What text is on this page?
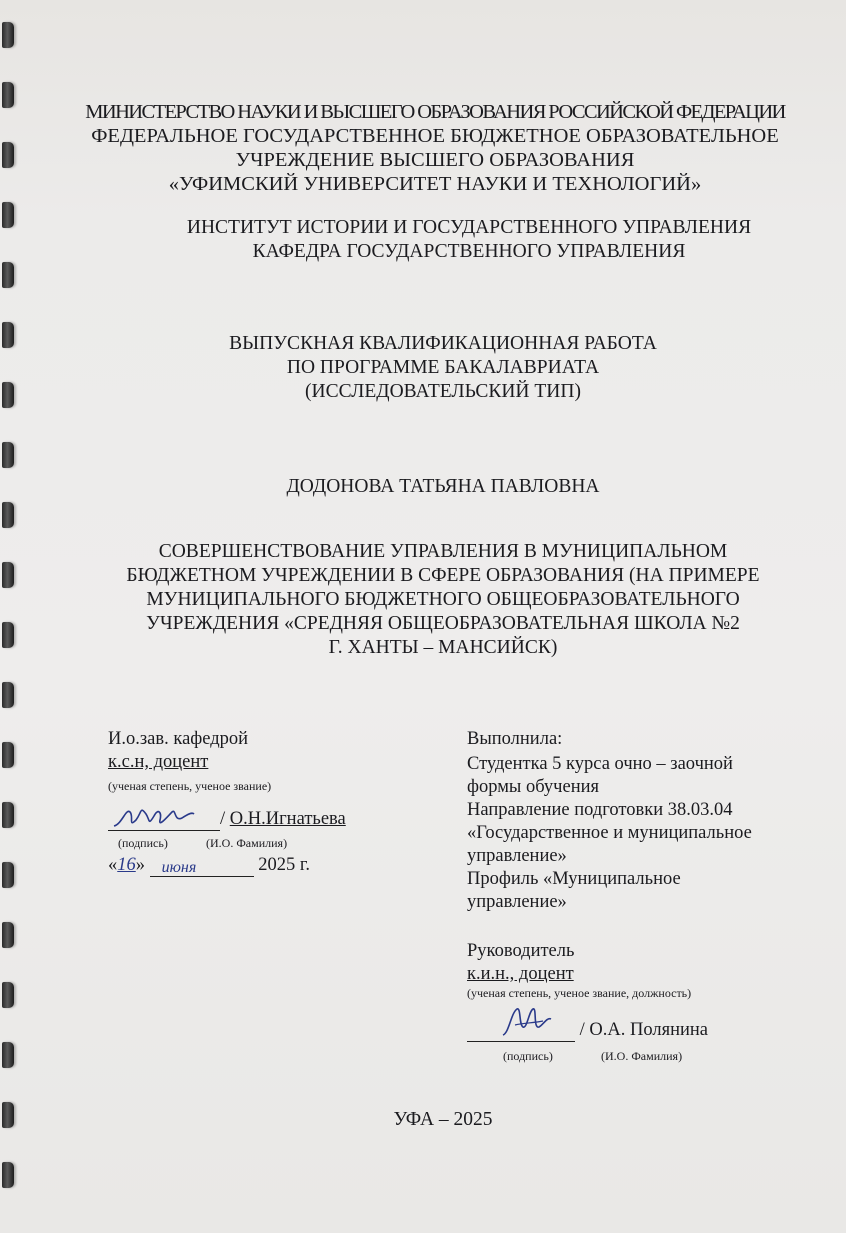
МИНИСТЕРСТВО НАУКИ И ВЫСШЕГО ОБРАЗОВАНИЯ РОССИЙСКОЙ ФЕДЕРАЦИИ
ФЕДЕРАЛЬНОЕ ГОСУДАРСТВЕННОЕ БЮДЖЕТНОЕ ОБРАЗОВАТЕЛЬНОЕ
УЧРЕЖДЕНИЕ ВЫСШЕГО ОБРАЗОВАНИЯ
«УФИМСКИЙ УНИВЕРСИТЕТ НАУКИ И ТЕХНОЛОГИЙ»
ИНСТИТУТ ИСТОРИИ И ГОСУДАРСТВЕННОГО УПРАВЛЕНИЯ
КАФЕДРА ГОСУДАРСТВЕННОГО УПРАВЛЕНИЯ
ВЫПУСКНАЯ КВАЛИФИКАЦИОННАЯ РАБОТА
ПО ПРОГРАММЕ БАКАЛАВРИАТА
(ИССЛЕДОВАТЕЛЬСКИЙ ТИП)
ДОДОНОВА ТАТЬЯНА ПАВЛОВНА
СОВЕРШЕНСТВОВАНИЕ УПРАВЛЕНИЯ В МУНИЦИПАЛЬНОМ
БЮДЖЕТНОМ УЧРЕЖДЕНИИ В СФЕРЕ ОБРАЗОВАНИЯ (НА ПРИМЕРЕ
МУНИЦИПАЛЬНОГО БЮДЖЕТНОГО ОБЩЕОБРАЗОВАТЕЛЬНОГО
УЧРЕЖДЕНИЯ «СРЕДНЯЯ ОБЩЕОБРАЗОВАТЕЛЬНАЯ ШКОЛА №2
Г. ХАНТЫ – МАНСИЙСК)
И.о.зав. кафедрой
к.с.н, доцент
(ученая степень, ученое звание)
/ О.Н.Игнатьева
(подпись)	(И.О. Фамилия)
«16» июня	2025 г.
Выполнила:
Студентка 5 курса очно – заочной
формы обучения
Направление подготовки 38.03.04
«Государственное и муниципальное
управление»
Профиль «Муниципальное
управление»
Руководитель
к.и.н., доцент
(ученая степень, ученое звание, должность)
/ О.А. Полянина
(подпись)	(И.О. Фамилия)
УФА – 2025
